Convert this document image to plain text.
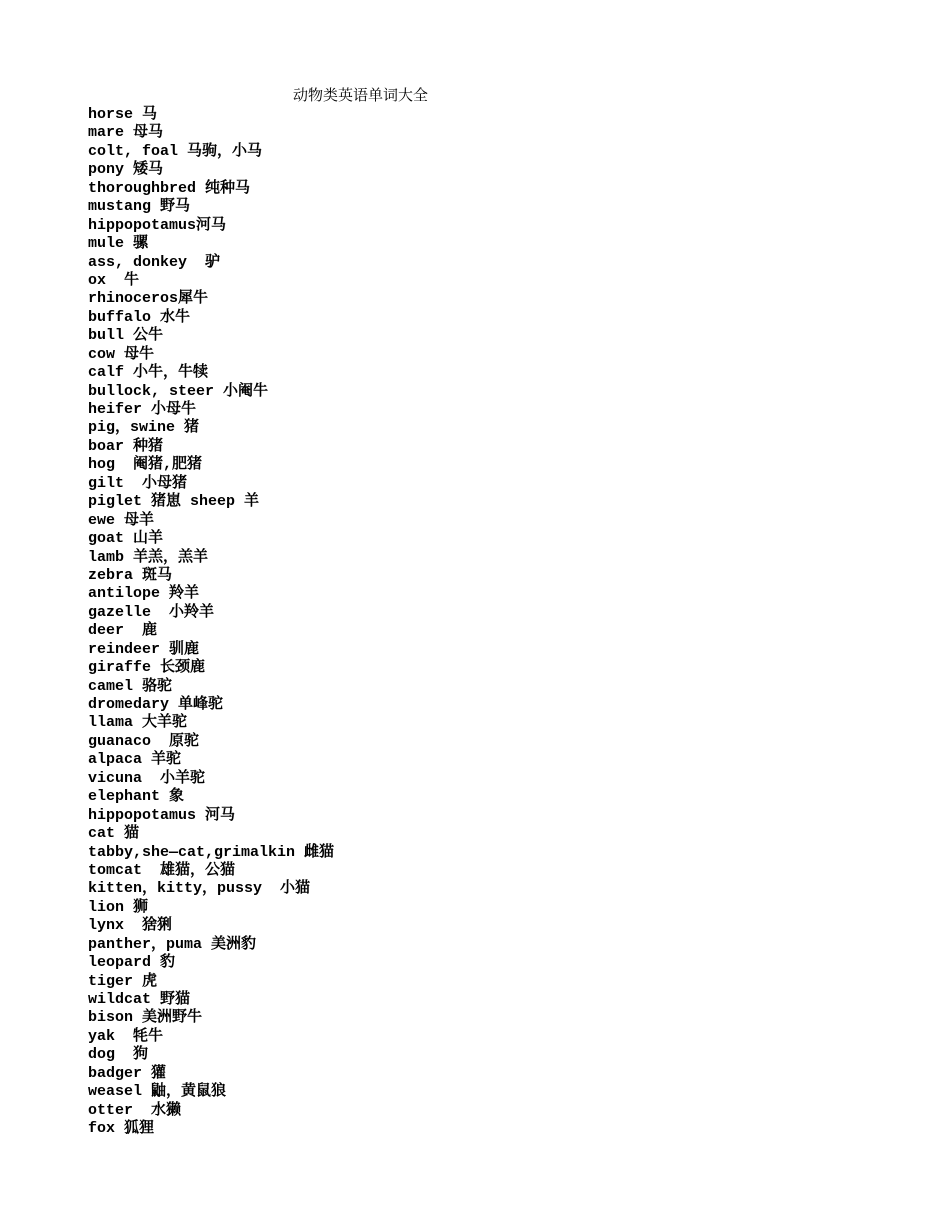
动物类英语单词大全
horse 马
mare 母马
colt, foal 马驹，小马
pony 矮马
thoroughbred 纯种马
mustang 野马
hippopotamus河马
mule 骡
ass, donkey  驴
ox  牛
rhinoceros犀牛
buffalo 水牛
bull 公牛
cow 母牛
calf 小牛，牛犊
bullock, steer 小阉牛
heifer 小母牛
pig，swine 猪
boar 种猪
hog  阉猪,肥猪
gilt  小母猪
piglet 猪崽 sheep 羊
ewe 母羊
goat 山羊
lamb 羊羔，羔羊
zebra 斑马
antilope 羚羊
gazelle  小羚羊
deer  鹿
reindeer 驯鹿
giraffe 长颈鹿
camel 骆驼
dromedary 单峰驼
llama 大羊驼
guanaco  原驼
alpaca 羊驼
vicuna  小羊驼
elephant 象
hippopotamus 河马
cat 猫
tabby,she—cat,grimalkin 雌猫
tomcat  雄猫，公猫
kitten，kitty，pussy  小猫
lion 狮
lynx  猞猁
panther，puma 美洲豹
leopard 豹
tiger 虎
wildcat 野猫
bison 美洲野牛
yak  牦牛
dog  狗
badger 獾
weasel 鼬，黄鼠狼
otter  水獭
fox 狐狸
